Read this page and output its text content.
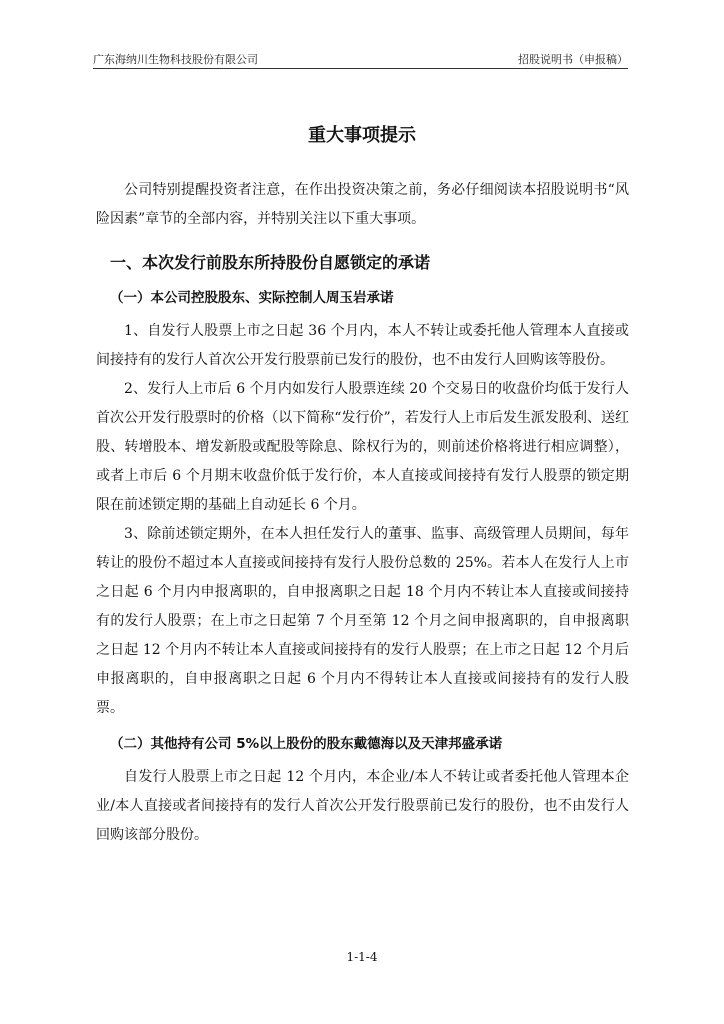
广东海纳川生物科技股份有限公司	招股说明书（申报稿）
重大事项提示

公司特别提醒投资者注意，在作出投资决策之前，务必仔细阅读本招股说明书“风险因素”章节的全部内容，并特别关注以下重大事项。

一、本次发行前股东所持股份自愿锁定的承诺
（一）本公司控股股东、实际控制人周玉岩承诺

1、自发行人股票上市之日起 36 个月内，本人不转让或委托他人管理本人直接或间接持有的发行人首次公开发行股票前已发行的股份，也不由发行人回购该等股份。

2、发行人上市后 6 个月内如发行人股票连续 20 个交易日的收盘价均低于发行人首次公开发行股票时的价格（以下简称“发行价”，若发行人上市后发生派发股利、送红股、转增股本、增发新股或配股等除息、除权行为的，则前述价格将进行相应调整），或者上市后 6 个月期末收盘价低于发行价，本人直接或间接持有发行人股票的锁定期限在前述锁定期的基础上自动延长 6 个月。

3、除前述锁定期外，在本人担任发行人的董事、监事、高级管理人员期间，每年转让的股份不超过本人直接或间接持有发行人股份总数的 25%。若本人在发行人上市之日起 6 个月内申报离职的，自申报离职之日起 18 个月内不转让本人直接或间接持有的发行人股票；在上市之日起第 7 个月至第 12 个月之间申报离职的，自申报离职之日起 12 个月内不转让本人直接或间接持有的发行人股票；在上市之日起 12 个月后申报离职的，自申报离职之日起 6 个月内不得转让本人直接或间接持有的发行人股票。

（二）其他持有公司 5%以上股份的股东戴德海以及天津邦盛承诺

自发行人股票上市之日起 12 个月内，本企业/本人不转让或者委托他人管理本企业/本人直接或者间接持有的发行人首次公开发行股票前已发行的股份，也不由发行人回购该部分股份。

1-1-4
